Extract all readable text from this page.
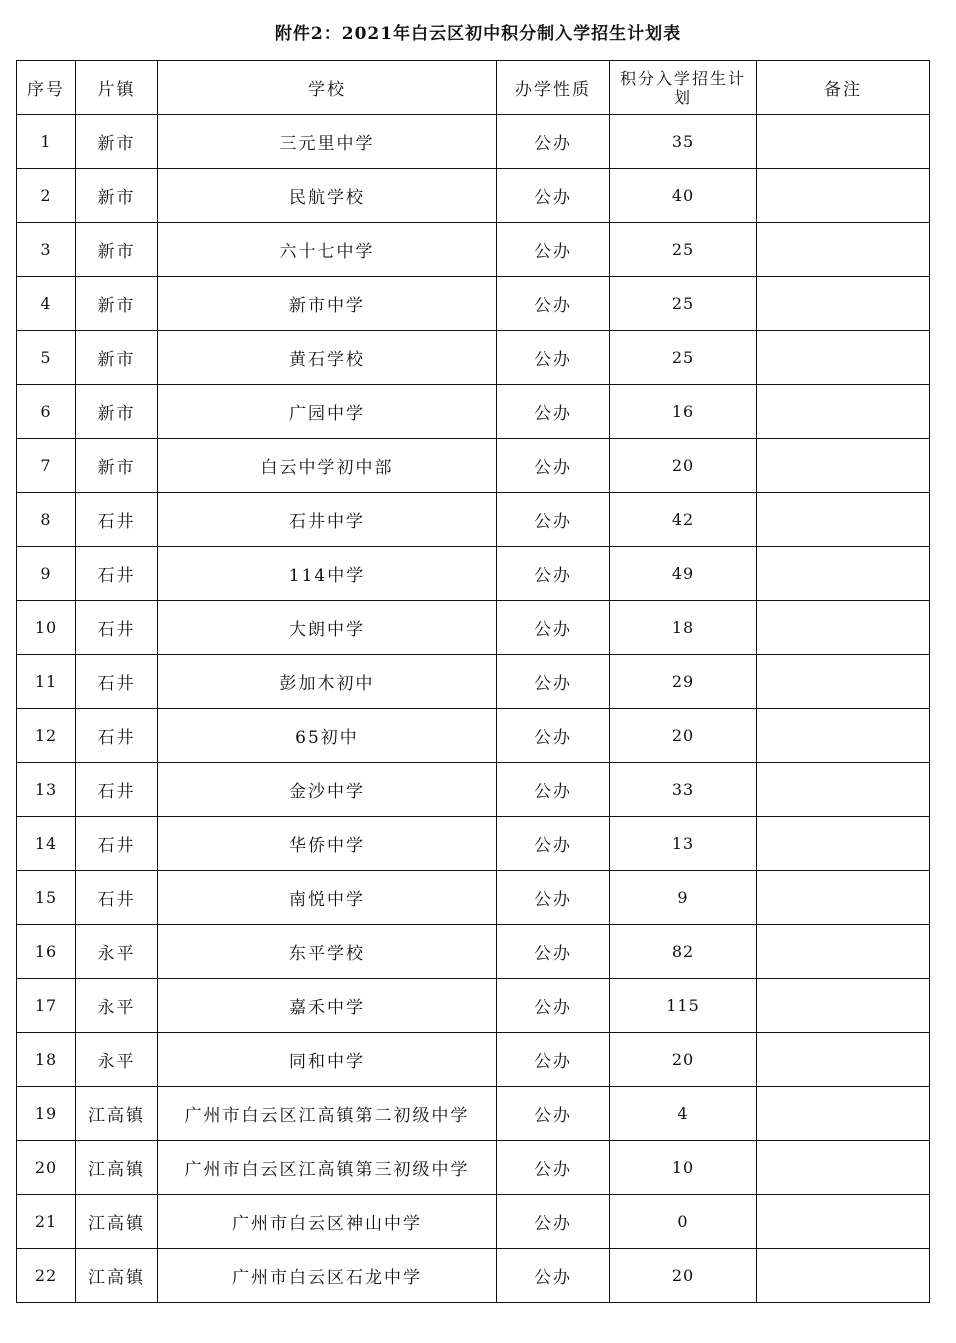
附件2：2021年白云区初中积分制入学招生计划表
序号	片镇	学校	办学性质	积分入学招生计划	备注
1	新市	三元里中学	公办	35	
2	新市	民航学校	公办	40	
3	新市	六十七中学	公办	25	
4	新市	新市中学	公办	25	
5	新市	黄石学校	公办	25	
6	新市	广园中学	公办	16	
7	新市	白云中学初中部	公办	20	
8	石井	石井中学	公办	42	
9	石井	114中学	公办	49	
10	石井	大朗中学	公办	18	
11	石井	彭加木初中	公办	29	
12	石井	65初中	公办	20	
13	石井	金沙中学	公办	33	
14	石井	华侨中学	公办	13	
15	石井	南悦中学	公办	9	
16	永平	东平学校	公办	82	
17	永平	嘉禾中学	公办	115	
18	永平	同和中学	公办	20	
19	江高镇	广州市白云区江高镇第二初级中学	公办	4	
20	江高镇	广州市白云区江高镇第三初级中学	公办	10	
21	江高镇	广州市白云区神山中学	公办	0	
22	江高镇	广州市白云区石龙中学	公办	20	
